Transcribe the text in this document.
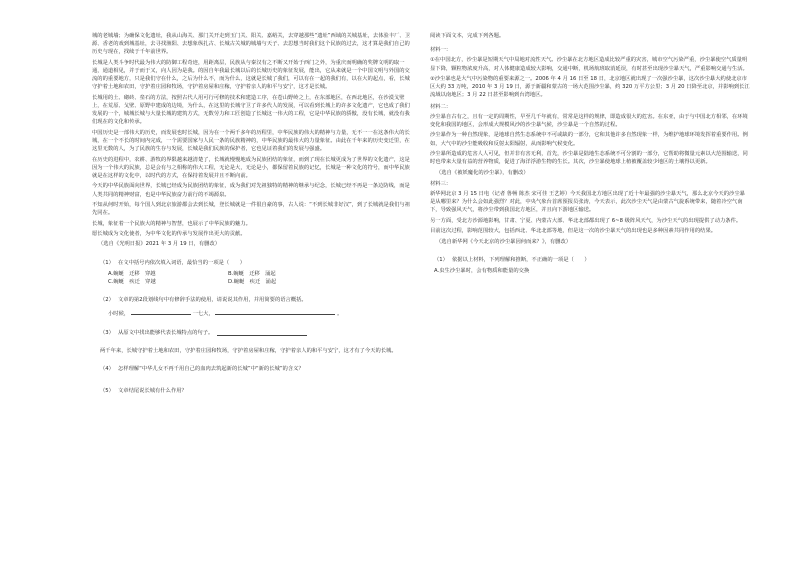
城的老城墙；为确保文化遗址，我从山海关、那门关开走到玉门关、阳关、嘉峪关，去穿越那些“遗址”西域的关城基址，去体验丰厂、卫源、香老的戏到城基址，去寻找渔阳、去想象纵扎古、长城古关城的城墙与天子、去思想当时我们这个民族的过去，这才算是我们自己的历史与现在，找续于千年前世界。

长城是人类斗争时代最为伟大的防御工程奇迹，用距离层，民族从与秦汉有之不断又开始于西门之外，为重庆而明确的奖牌文明的取一通，通道相见，并于而于又，向人因为是我。的因自年我最长城以后的长城历史的象征发展，能出，它从来就是一个中国文明与外国的交流的的重要地方，只是我们守在什么，之后为什么不，而为什么，这就是长城了我们，可以有在一起的我们有，以在大的起点，看，长城守护着土地和农田，守护着庄园和牧场，守护着房屋和庄稼，守护着亲人的和平与安宁，这才是长城。

长城用的土、砌砖、垒石的方法，按照古代人用可行可修的技术和建造工序，在苍山野岭之上，在东部地区，在西北地区，在沙漠戈壁上，在荒原、戈壁、原野中建成的边境，为什么，在这里的长城守卫了许多代人的发展，可以看到长城上的许多文化遗产，它也成了我们发展的一个，城城长城与大量长城的建筑方式，无数劳力和工匠创造了长城这一伟大的工程，它是中华民族的骄傲，没有长城，就没有我们现在的文化和传承。

中国历史是一部伟大的历史，而发展也时长城，因为在一个两千多年的历程里，中华民族的伟大的精神与力量，无不一一在这条伟大的长城，在一个不长的时间内完成，一个需要国家与人民一条的民族精神的，中华民族的最伟大的力量象征。由此在千年来的历史变迁里，在这里无数的人，为了民族的生存与发展，长城是我们民族的保护者，它也见证着我们的发展与强盛。

在历史的进程中，农耕、游牧的界限越来越清楚了，长城就慢慢地成为民族团结的象征，而到了现在长城更成为了世界的文化遗产，这是因为一个伟大的民族，总是会有与之相称的伟大工程，无论是大，无论是小，都保留着民族的记忆，长城是一种文化的符号，而中华民族就是在这样的文化中，以时代的方式，在保持着发展并且不断向前。

今天的中华民族面向世界，长城已经成为民族团结的象征，成为我们对先祖独特的精神的继承与纪念，长城已经不再是一条边防线，而是人类共同的精神财富，也是中华民族奋力前行的不竭源泉。

不知从何时开始，每个国人到北京旅游都会去到长城，登长城就是一件很自豪的事，古人说：“不到长城非好汉”，到了长城就是我们与祖先同在。

长城，象征着一个民族大的精神与智慧，也展示了中华民族的魅力。

愿长城成为文化使者，为中华文化的传承与发展作出更大的贡献。

（选自《光明日报》2021 年 3 月 19 日，有删改）

（1） 在文中括号内依次填入词语，最恰当的一项是（　　）
A.蜿蜒　迁移　穿越	B.蜿蜒　迁移　涌起
C.蜿蜒　疾迁　穿越	D.蜿蜒　疾迁　涌起
（2） 文章的第2段划线句中有修辞手法的使用，请说说其作用，并用简要的语言概括。
小时候，	一七大，	。
（3） 从原文中找出能够代表长城特点的句子。

两千年来，长城守护着土地和农田，守护着庄园和牧场，守护着房屋和庄稼，守护着亲人的和平与安宁，这才有了今天的长城。

（4） 怎样理解“中华儿女不再千用自己的血肉去筑起新的长城”中“新的长城”的含义？
（5） 文章结尾说长城有什么作用？

阅读下面文本，完成下列各题。

材料一：

①在中国北方，沙尘暴是短期天气中局地对流性天气。沙尘暴在北方地区造成比较严重的灾害，城市空气污染严重，沙尘暴使空气质量明显下降，颗粒物浓度升高，对人体健康造成较大影响，交通中断，机场航班取消延误，有时甚至出现沙尘暴天气，严重影响交通与生活。

②沙尘暴也是大气中污染物的重要来源之一。2006 年 4 月 16 日至 18 日，北京地区就出现了一次强沙尘暴，这次沙尘暴大约使北京市区大约 33 万吨，2010 年 3 月 19 日，源于新疆和蒙古的一场大范围沙尘暴，约 320 万平方公里；3 月 20 日降至北京，并影响到长江流域以南地区；3 月 22 日甚至影响到台湾地区。

材料二：

沙尘暴自古有之，且有一定的周期性，早至几千年就有，常常是这样的规律，即造成很大的危害。在东亚，由于与中国北方相邻，在环境变化和我国的地区，会形成大规模风沙的沙尘暴气候，沙尘暴是一个自然的过程。

沙尘暴作为一种自然现象，是地球自然生态系统中不可或缺的一部分，它和其他许多自然现象一样，为维护地球环境发挥着重要作用。例如，大气中的沙尘能吸收和反射太阳辐射，从而影响气候变化。

沙尘暴所造成的危害人人可见，但并非有害无利，首先，沙尘暴是陆地生态系统不可分割的一部分，它帮助将微量元素以大范围输送，同时也带来大量有益的营养物质，促进了海洋浮游生物的生长。其次，沙尘暴使地球上植被覆盖较少地区的土壤得以更新。

（选自《被妖魔化的沙尘暴》，有删改）

材料三：

新华网北京 3 月 15 日电（记者 鲁畅 陈杰 宋可佳 王艺婷）今天我国北方地区出现了近十年最强的沙尘暴天气，那么北京今天的沙尘暴是从哪里来？为什么会如此强烈？对此，中央气象台首席预报员张涛，今天表示，此次沙尘天气是由蒙古气旋系统带来，随着冷空气南下，导致强风天气，将沙尘带到我国北方地区，并且向下游地区输送。

另一方面，受北方沙源地影响，甘肃、宁夏、内蒙古大部、华北北部都出现了 6~8 级阵风天气，为沙尘天气的出现提供了动力条件。

目前这次过程，影响范围较大，包括西北、华北北部等地，但是这一次的沙尘暴天气的出现也是多种因素共同作用的结果。

（选自新华网《今天北京的沙尘暴因何而来？》，有删改）

（1） 依据以上材料，下列理解和推断，不正确的一项是（　　）

A.虫生沙尘暴时，会有物质和能量的交换
